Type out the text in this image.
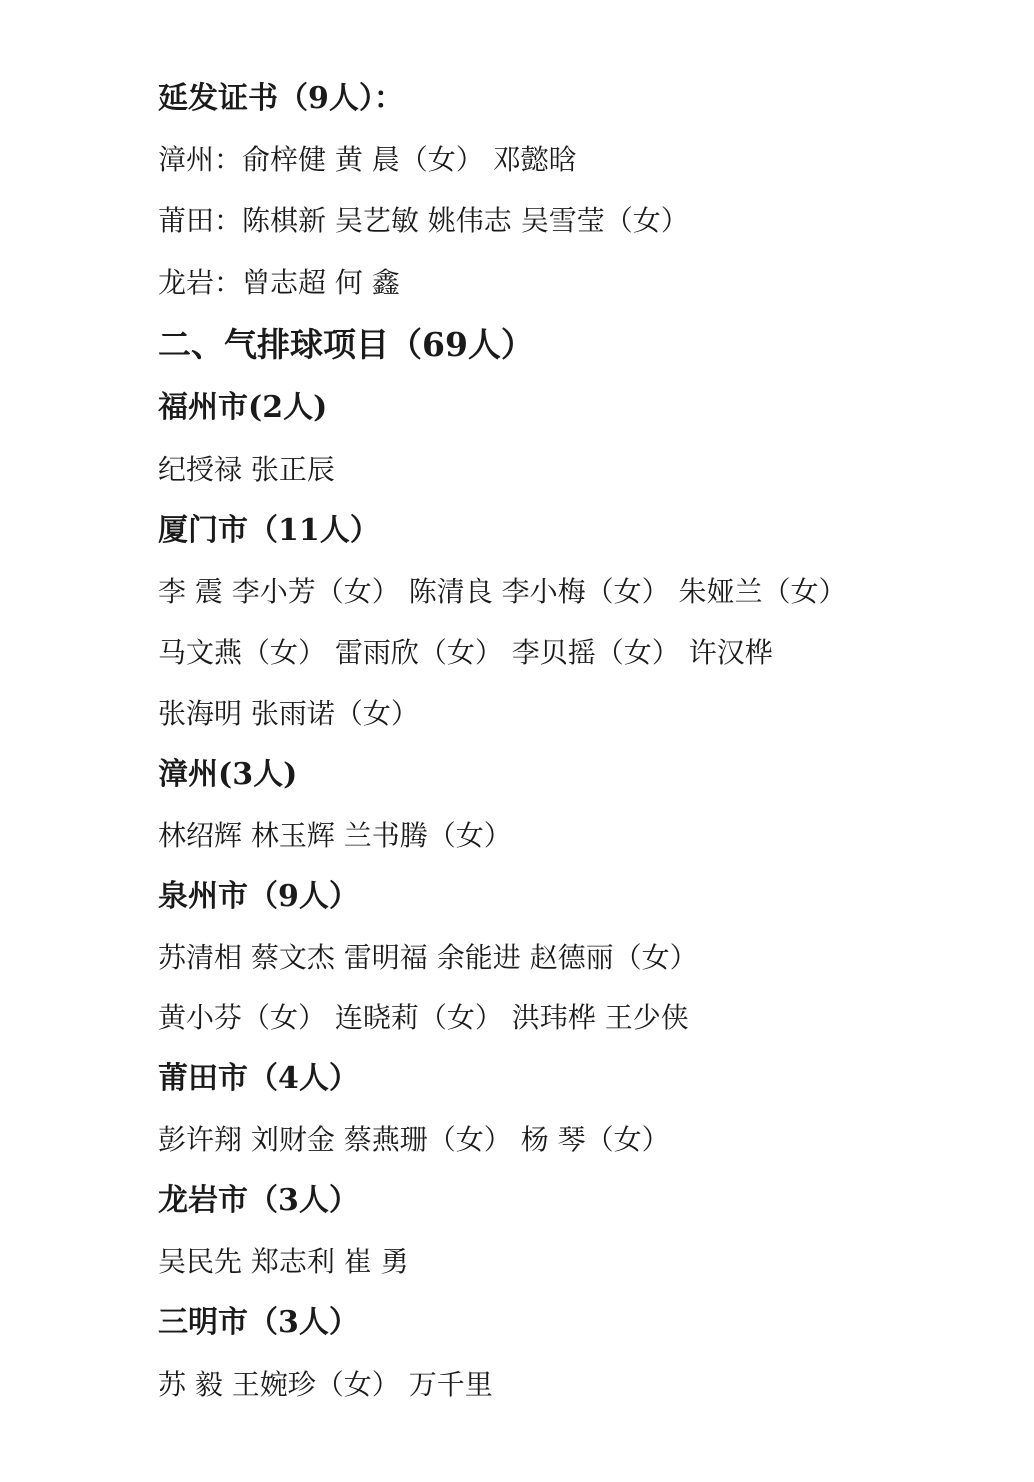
延发证书（9人）：
漳州：俞梓健 黄 晨（女） 邓懿晗
莆田：陈棋新 吴艺敏 姚伟志 吴雪莹（女）
龙岩：曾志超 何 鑫
二、气排球项目（69人）
福州市(2人)
纪授禄 张正辰
厦门市（11人）
李 震 李小芳（女） 陈清良 李小梅（女） 朱娅兰（女）
马文燕（女） 雷雨欣（女） 李贝摇（女） 许汉桦
张海明 张雨诺（女）
漳州(3人)
林绍辉 林玉辉 兰书腾（女）
泉州市（9人）
苏清相 蔡文杰 雷明福 余能进 赵德丽（女）
黄小芬（女） 连晓莉（女） 洪玮桦 王少侠
莆田市（4人）
彭许翔 刘财金 蔡燕珊（女） 杨 琴（女）
龙岩市（3人）
吴民先 郑志利 崔 勇
三明市（3人）
苏 毅 王婉珍（女） 万千里
